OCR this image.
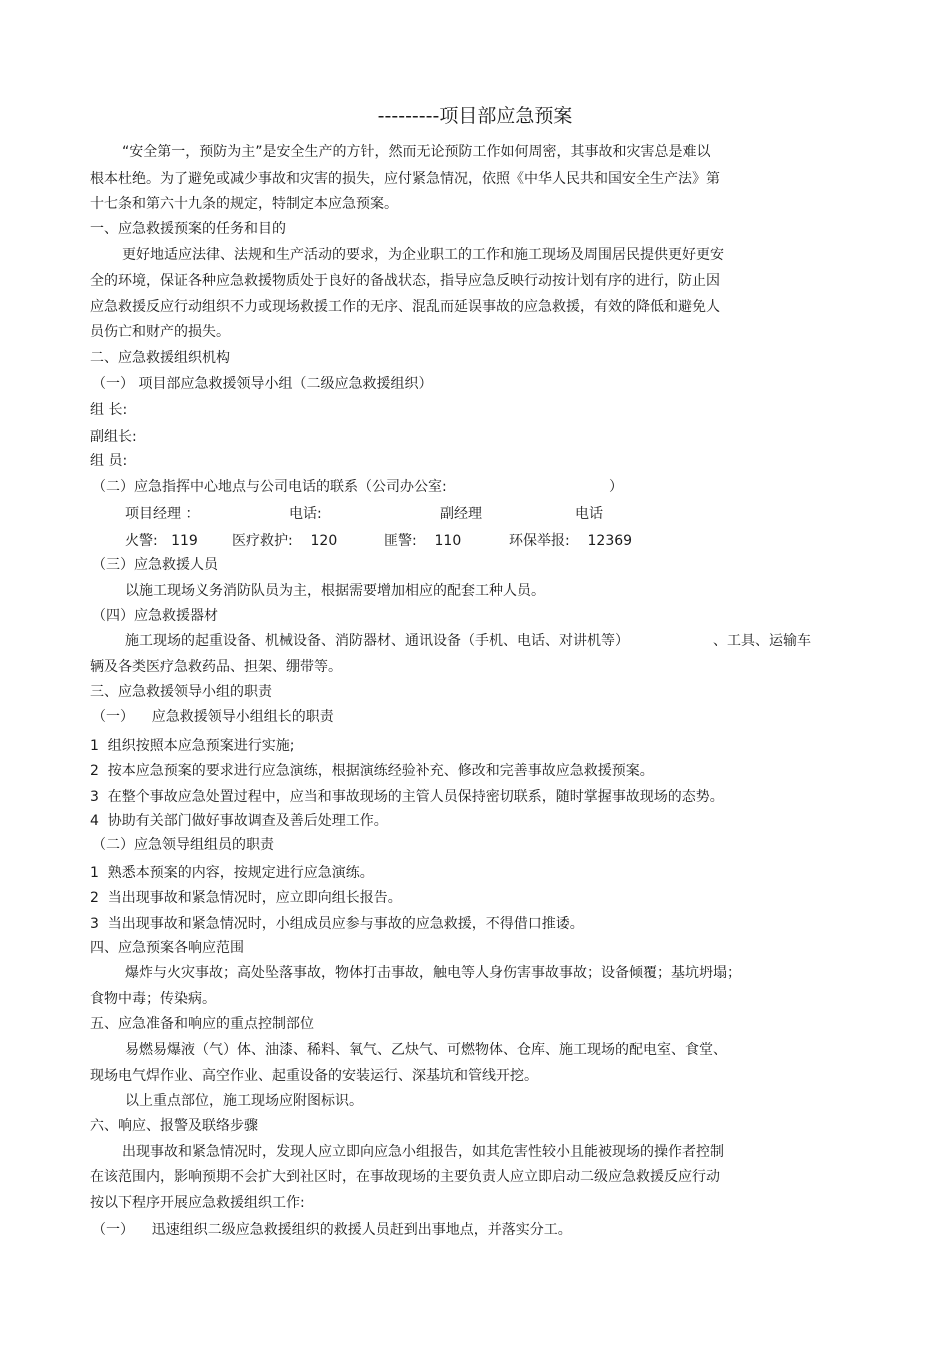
---------项目部应急预案
“安全第一，预防为主”是安全生产的方针，然而无论预防工作如何周密，其事故和灾害总是难以
根本杜绝。为了避免或减少事故和灾害的损失，应付紧急情况，依照《中华人民共和国安全生产法》第
十七条和第六十九条的规定，特制定本应急预案。
一、应急救援预案的任务和目的
更好地适应法律、法规和生产活动的要求，为企业职工的工作和施工现场及周围居民提供更好更安
全的环境，保证各种应急救援物质处于良好的备战状态，指导应急反映行动按计划有序的进行，防止因
应急救援反应行动组织不力或现场救援工作的无序、混乱而延误事故的应急救援，有效的降低和避免人
员伤亡和财产的损失。
二、应急救援组织机构
（一） 项目部应急救援领导小组（二级应急救援组织）
组 长:
副组长:
组 员:
（二）应急指挥中心地点与公司电话的联系（公司办公室:	）
项目经理 ：	电话:	副经理	电话
火警:   119 医疗救护:    120	匪警:    110	环保举报:    12369
（三）应急救援人员
以施工现场义务消防队员为主，根据需要增加相应的配套工种人员。
（四）应急救援器材
施工现场的起重设备、机械设备、消防器材、通讯设备（手机、电话、对讲机等）	、工具、运输车
辆及各类医疗急救药品、担架、绷带等。
三、应急救援领导小组的职责
（一）    应急救援领导小组组长的职责
1  组织按照本应急预案进行实施;
2  按本应急预案的要求进行应急演练，根据演练经验补充、修改和完善事故应急救援预案。
3  在整个事故应急处置过程中，应当和事故现场的主管人员保持密切联系，随时掌握事故现场的态势。
4  协助有关部门做好事故调查及善后处理工作。
（二）应急领导组组员的职责
1  熟悉本预案的内容，按规定进行应急演练。
2  当出现事故和紧急情况时，应立即向组长报告。
3  当出现事故和紧急情况时，小组成员应参与事故的应急救援，不得借口推诿。
四、应急预案各响应范围
爆炸与火灾事故；高处坠落事故，物体打击事故，触电等人身伤害事故事故；设备倾覆；基坑坍塌；
食物中毒；传染病。
五、应急准备和响应的重点控制部位
易燃易爆液（气）体、油漆、稀料、氧气、乙炔气、可燃物体、仓库、施工现场的配电室、食堂、
现场电气焊作业、高空作业、起重设备的安装运行、深基坑和管线开挖。
以上重点部位，施工现场应附图标识。
六、响应、报警及联络步骤
出现事故和紧急情况时，发现人应立即向应急小组报告，如其危害性较小且能被现场的操作者控制
在该范围内，影响预期不会扩大到社区时，在事故现场的主要负责人应立即启动二级应急救援反应行动
按以下程序开展应急救援组织工作:
（一）    迅速组织二级应急救援组织的救援人员赶到出事地点，并落实分工。
